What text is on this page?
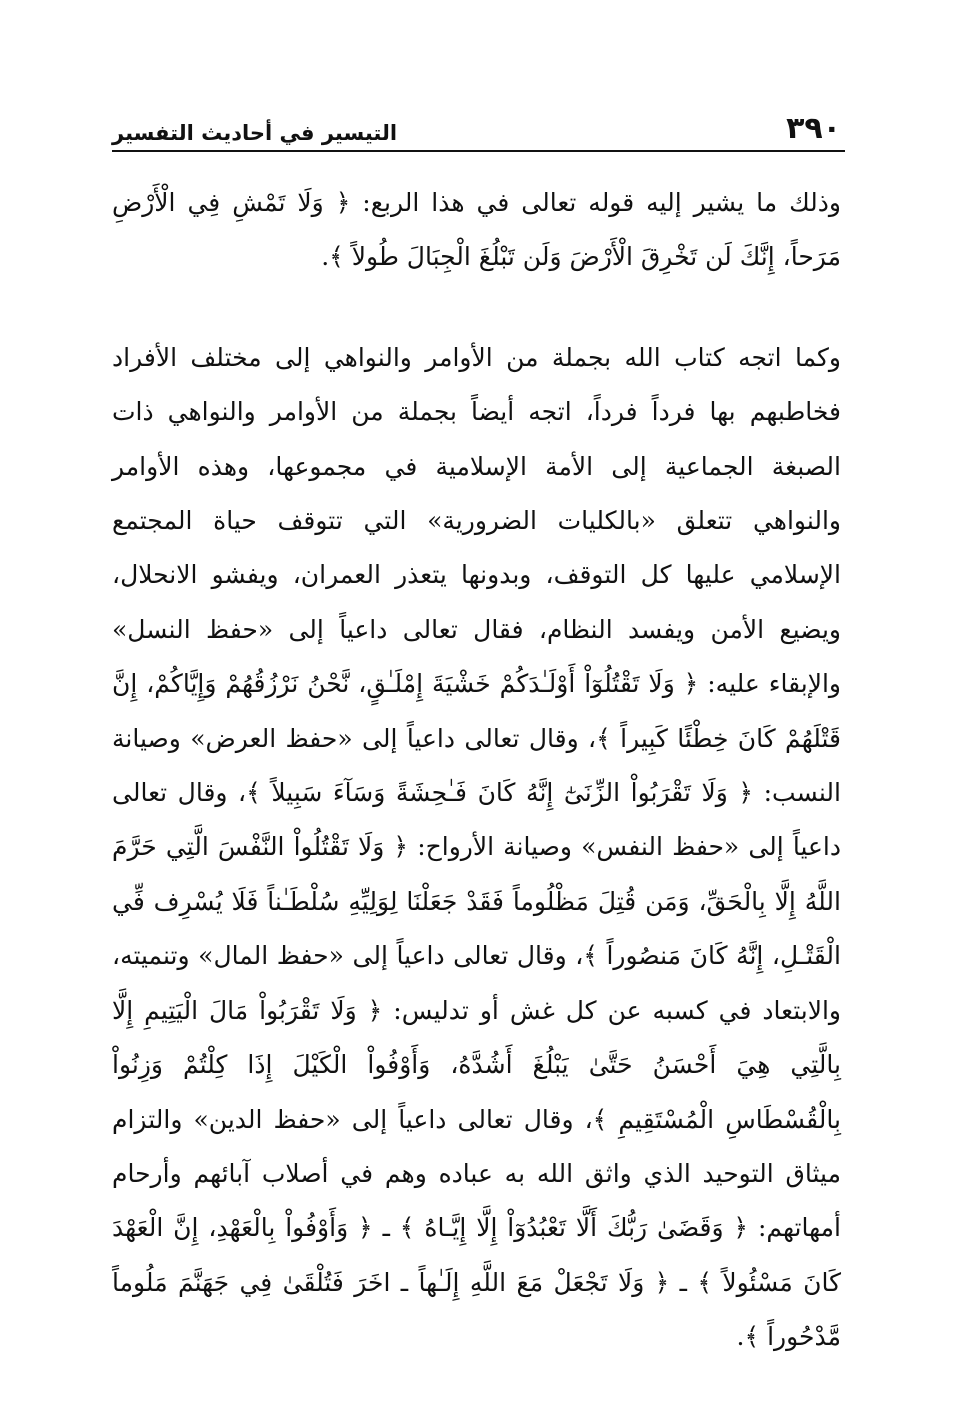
٣٩٠
التيسير في أحاديث التفسير

وذلك ما يشير إليه قوله تعالى في هذا الربع: ﴿ وَلَا تَمْشِ فِي الْأَرْضِ مَرَحاً، إِنَّكَ لَن تَخْرِقَ الْأَرْضَ وَلَن تَبْلُغَ الْجِبَالَ طُولاً ﴾.

وكما اتجه كتاب الله بجملة من الأوامر والنواهي إلى مختلف الأفراد فخاطبهم بها فرداً فرداً، اتجه أيضاً بجملة من الأوامر والنواهي ذات الصبغة الجماعية إلى الأمة الإسلامية في مجموعها، وهذه الأوامر والنواهي تتعلق «بالكليات الضرورية» التي تتوقف حياة المجتمع الإسلامي عليها كل التوقف، وبدونها يتعذر العمران، ويفشو الانحلال، ويضيع الأمن ويفسد النظام، فقال تعالى داعياً إلى «حفظ النسل» والإبقاء عليه: ﴿ وَلَا تَقْتُلُوٓاْ أَوْلَـٰدَكُمْ خَشْيَةَ إِمْلَـٰقٍ، نَّحْنُ نَرْزُقُهُمْ وَإِيَّاكُمْ، إِنَّ قَتْلَهُمْ كَانَ خِطْئًا كَبِيراً ﴾، وقال تعالى داعياً إلى «حفظ العرض» وصيانة النسب: ﴿ وَلَا تَقْرَبُواْ الزِّنَىٰٓ إِنَّهُ كَانَ فَـٰحِشَةً وَسَآءَ سَبِيلاً ﴾، وقال تعالى داعياً إلى «حفظ النفس» وصيانة الأرواح: ﴿ وَلَا تَقْتُلُواْ النَّفْسَ الَّتِي حَرَّمَ اللَّهُ إِلَّا بِالْحَقِّ، وَمَن قُتِلَ مَظْلُوماً فَقَدْ جَعَلْنَا لِوَلِيِّهِ سُلْطَـٰناً فَلَا يُسْرِف فِّي الْقَتْـلِ، إِنَّهُ كَانَ مَنصُوراً ﴾، وقال تعالى داعياً إلى «حفظ المال» وتنميته، والابتعاد في كسبه عن كل غش أو تدليس: ﴿ وَلَا تَقْرَبُواْ مَالَ الْيَتِيمِ إِلَّا بِالَّتِي هِيَ أَحْسَنُ حَتَّىٰ يَبْلُغَ أَشُدَّهُ، وَأَوْفُواْ الْكَيْلَ إِذَا كِلْتُمْ وَزِنُواْ بِالْقُسْطَاسِ الْمُسْتَقِيمِ ﴾، وقال تعالى داعياً إلى «حفظ الدين» والتزام ميثاق التوحيد الذي واثق الله به عباده وهم في أصلاب آبائهم وأرحام أمهاتهم: ﴿ وَقَضَىٰ رَبُّكَ أَلَّا تَعْبُدُوٓاْ إِلَّا إِيَّـاهُ ﴾ ـ ﴿ وَأَوْفُواْ بِالْعَهْدِ، إِنَّ الْعَهْدَ كَانَ مَسْئُولاً ﴾ ـ ﴿ وَلَا تَجْعَلْ مَعَ اللَّهِ إِلَـٰهاً ـ اخَرَ فَتُلْقَىٰ فِي جَهَنَّمَ مَلُوماً مَّدْحُوراً ﴾.
